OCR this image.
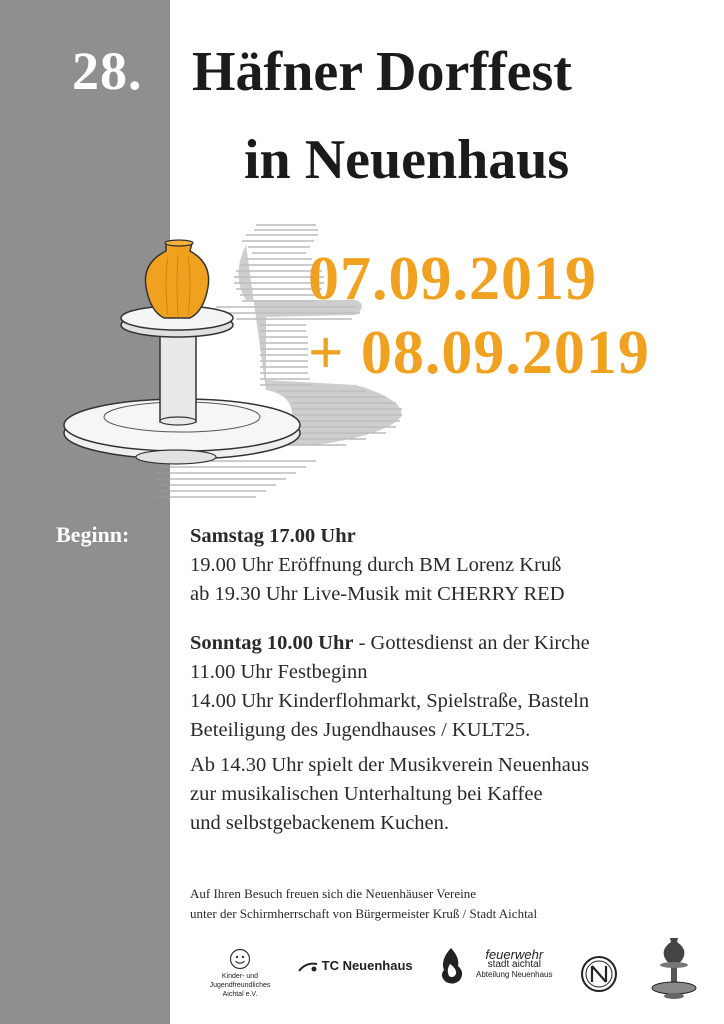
28. Häfner Dorffest
in Neuenhaus
07.09.2019
+ 08.09.2019
Beginn:	Samstag 17.00 Uhr
19.00 Uhr Eröffnung durch BM Lorenz Kruß
ab 19.30 Uhr Live-Musik mit CHERRY RED
Sonntag 10.00 Uhr - Gottesdienst an der Kirche
11.00 Uhr Festbeginn
14.00 Uhr Kinderflohmarkt, Spielstraße, Basteln
Beteiligung des Jugendhauses / KULT25.
Ab 14.30 Uhr spielt der Musikverein Neuenhaus
zur musikalischen Unterhaltung bei Kaffee
und selbstgebackenem Kuchen.
Auf Ihren Besuch freuen sich die Neuenhäuser Vereine
unter der Schirmherrschaft von Bürgermeister Kruß / Stadt Aichtal
Kinder- und Jugendfreundliches
Aichtal e.V.
TC Neuenhaus
feuerwehr
stadt aichtal
Abteilung Neuenhaus
